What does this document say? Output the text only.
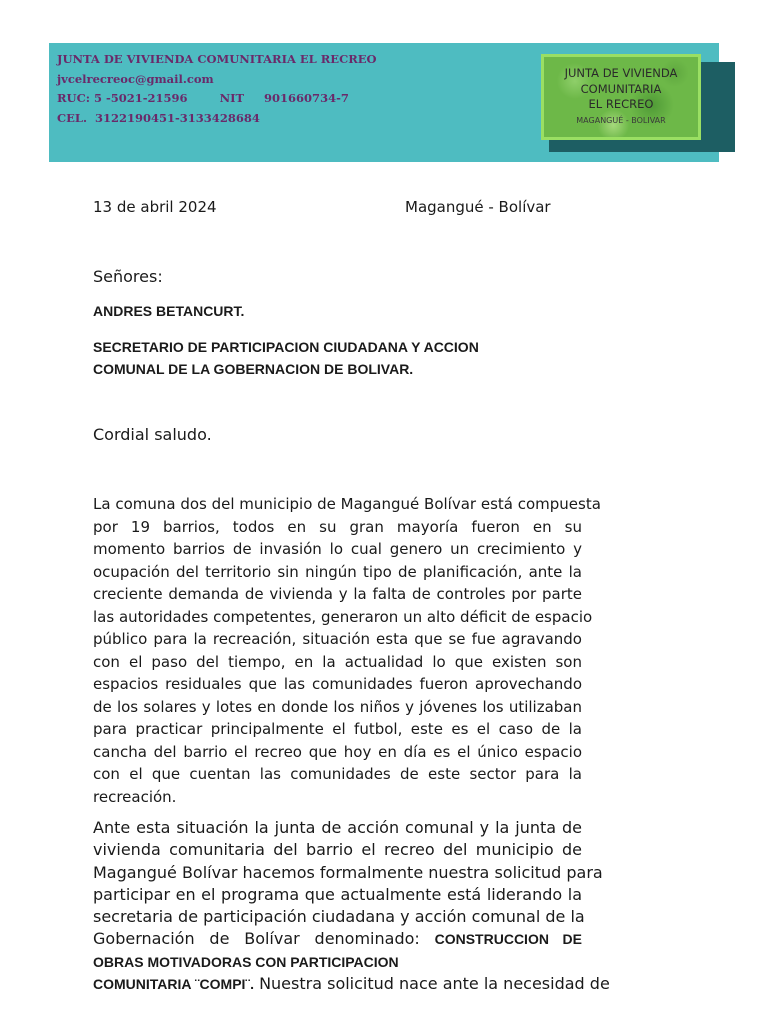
JUNTA DE VIVIENDA COMUNITARIA EL RECREO
jvcelrecreoc@gmail.com
RUC: 5 -5021-21596        NIT     901660734-7
CEL.  3122190451-3133428684
JUNTA DE VIVIENDA
COMUNITARIA
EL RECREO
MAGANGUÉ - BOLIVAR
13 de abril 2024	Magangué - Bolívar
Señores:
ANDRES BETANCURT.
SECRETARIO DE PARTICIPACION CIUDADANA Y ACCION
COMUNAL DE LA GOBERNACION DE BOLIVAR.
Cordial saludo.
La comuna dos del municipio de Magangué Bolívar está compuesta
por 19 barrios, todos en su gran mayoría fueron en su
momento barrios de invasión lo cual genero un crecimiento y
ocupación del territorio sin ningún tipo de planificación, ante la
creciente demanda de vivienda y la falta de controles por parte
las autoridades competentes, generaron un alto déficit de espacio
público para la recreación, situación esta que se fue agravando
con el paso del tiempo, en la actualidad lo que existen son
espacios residuales que las comunidades fueron aprovechando
de los solares y lotes en donde los niños y jóvenes los utilizaban
para practicar principalmente el futbol, este es el caso de la
cancha del barrio el recreo que hoy en día es el único espacio
con el que cuentan las comunidades de este sector para la
recreación.
Ante esta situación la junta de acción comunal y la junta de
vivienda comunitaria del barrio el recreo del municipio de
Magangué Bolívar hacemos formalmente nuestra solicitud para
participar en el programa que actualmente está liderando la
secretaria de participación ciudadana y acción comunal de la
Gobernación de Bolívar denominado: CONSTRUCCION DE
OBRAS MOTIVADORAS CON PARTICIPACION
COMUNITARIA ¨COMPI¨. Nuestra solicitud nace ante la necesidad de
